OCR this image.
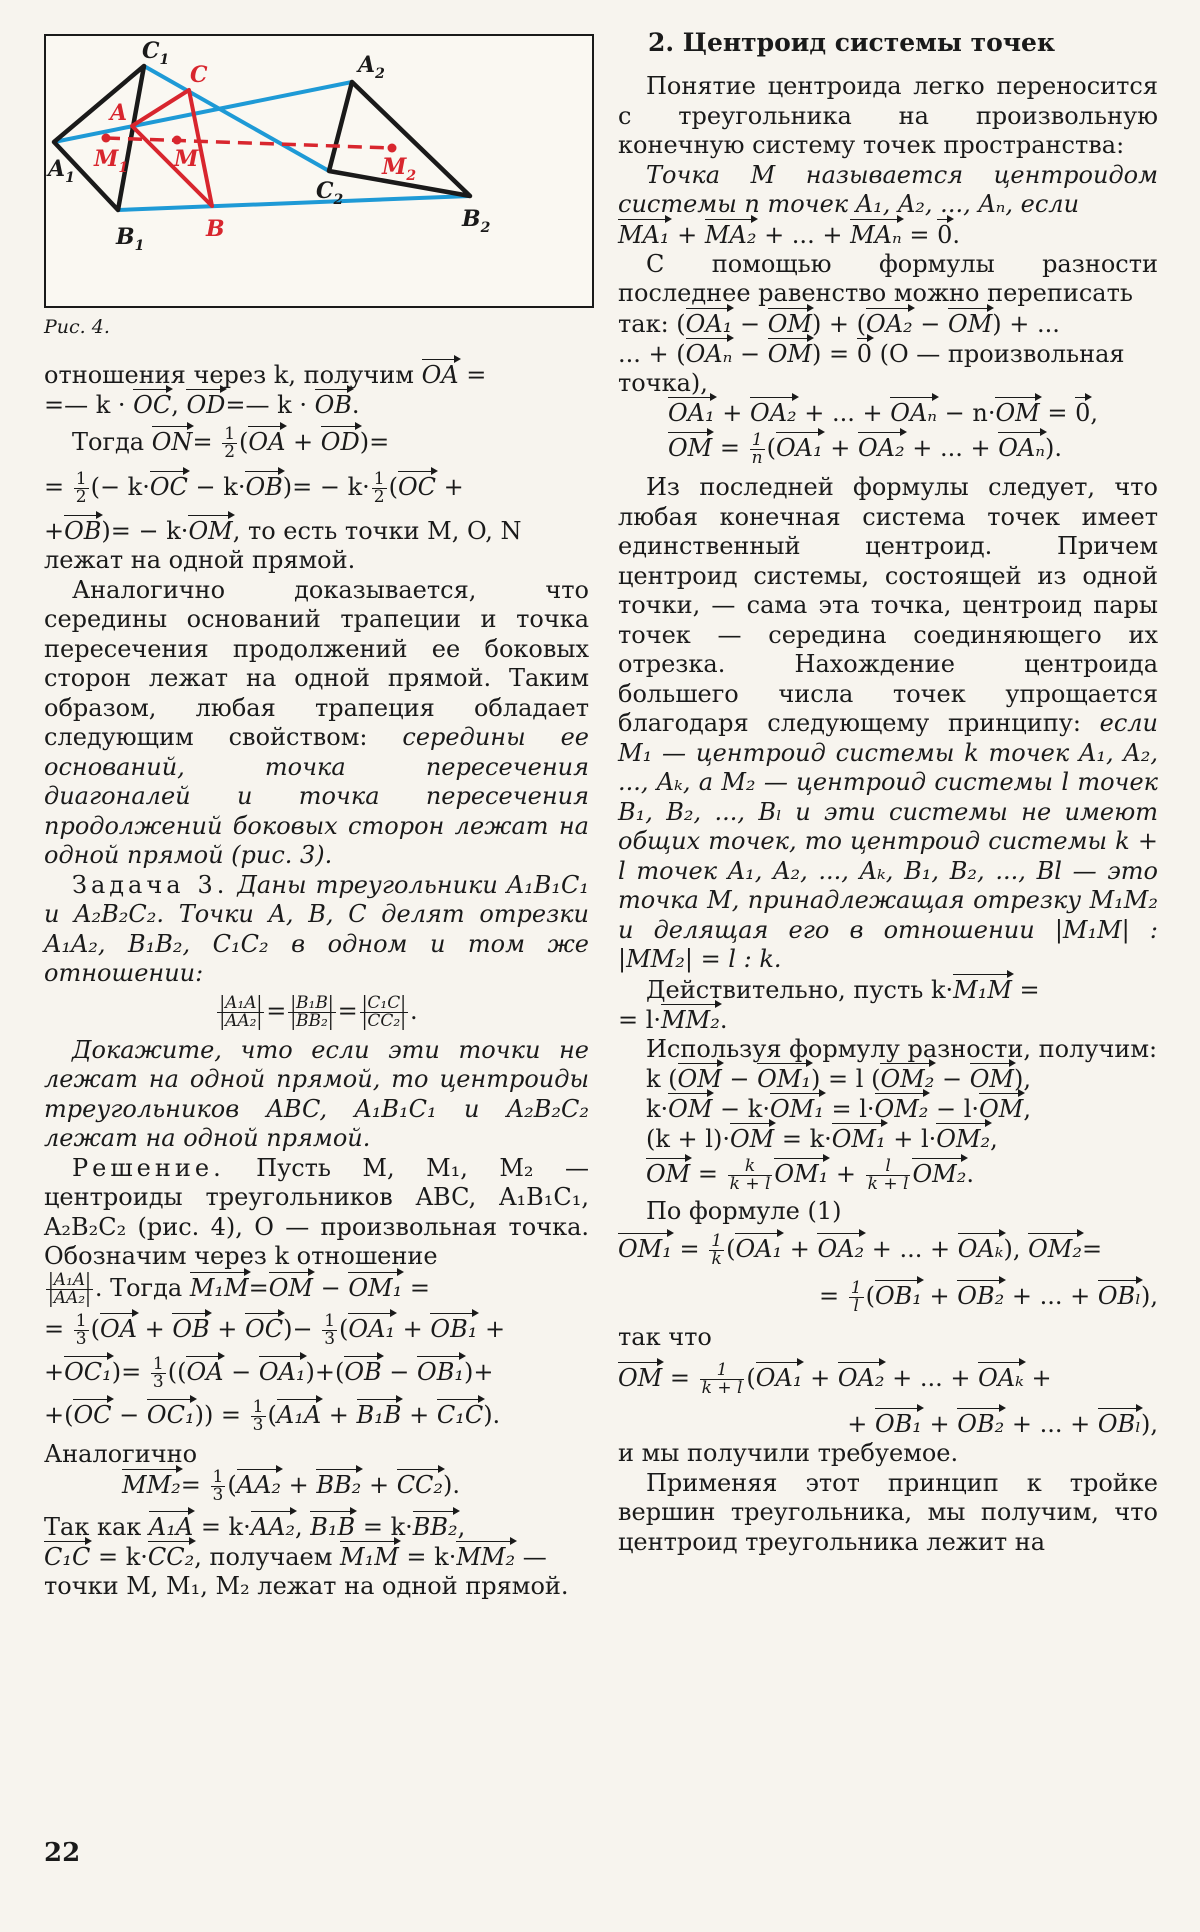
$C_1$
C	$A_2$
A
$M_1$ M	$M_2$
$A_1$	$C_2$
$B_1$
B	$B_2$
Рис. 4.

отношения через k, получим OA =

=— k · OC, OD=— k · OB.

Тогда $ON= \frac{1}{2} (OA + OD)=$

= $\frac{1}{2}$ (− $k\cdot OC - k\cdot OB)= - k\cdot \frac{1}{2} (OC$ +

+OB)= − k·OM, то есть точки M, O, N

лежат на одной прямой.

Аналогично доказывается, что середины оснований трапеции и точка пересечения продолжений ее боковых сторон лежат на одной прямой. Таким образом, любая трапеция обладает следующим свойством: середины ее оснований, точка пересечения диагоналей и точка пересечения продолжений боковых сторон лежат на одной прямой (рис. 3).

Задача 3. Даны треугольники A₁B₁C₁ и A₂B₂C₂. Точки A, B, C делят отрезки A₁A₂, B₁B₂, C₁C₂ в одном и том же отношении:

$\frac{\text{|A₁A|}}{\text{|AA₂|}} = \frac{\text{|B₁B|}}{\text{|BB₂|}} = \frac{\text{|C₁C|}}{\text{|CC₂|}}$ .

Докажите, что если эти точки не лежат на одной прямой, то центроиды треугольников ABC, A₁B₁C₁ и A₂B₂C₂ лежат на одной прямой.

Решение. Пусть M, M₁, M₂ — центроиды треугольников ABC, A₁B₁C₁, A₂B₂C₂ (рис. 4), O — произвольная точка. Обозначим через k отношение

$\frac{\text{|A₁A|}}{\text{|AA₂|}}$ . Тогда M₁M=OM − OM₁ =

= $\frac{1}{3} (OA$ + OB + $OC)- \frac{1}{3} (OA_1 + OB_1$ +

$+OC_1)= \frac{1}{3} ((OA - OA_1)+(OB - OB_1)+$

$+(OC - OC_1)) = \frac{1}{3} (A_1A + B_1B + C_1C)$.

Аналогично

$MM_2= \frac{1}{3} (AA_2 + BB_2 + CC_2)$.

Так как A₁A = k·AA₂, B₁B = k·BB₂,

C₁C = k·CC₂, получаем M₁M = k·MM₂ —

точки M, M₁, M₂ лежат на одной прямой.

2. Центроид системы точек

Понятие центроида легко переносится с треугольника на произвольную конечную систему точек пространства:

Точка M называется центроидом системы n точек A₁, A₂, ..., Aₙ, если

MA₁ + MA₂ + ... + MAₙ = 0.

С помощью формулы разности последнее равенство можно переписать

так: (OA₁ − OM) + (OA₂ − OM) + ...

... + (OAₙ − OM) = 0 (O — произвольная

точка),

OA₁ + OA₂ + ... + OAₙ − n·OM = 0,

OM = $\frac{1}{n} (OA_1 + OA_2$ + ... + OAₙ).

Из последней формулы следует, что любая конечная система точек имеет единственный центроид. Причем центроид системы, состоящей из одной точки, — сама эта точка, центроид пары точек — середина соединяющего их отрезка. Нахождение центроида большего числа точек упрощается благодаря следующему принципу: если M₁ — центроид системы k точек A₁, A₂, ..., Aₖ, а M₂ — центроид системы l точек B₁, B₂, ..., Bₗ и эти системы не имеют общих точек, то центроид системы k + l точек A₁, A₂, ..., Aₖ, B₁, B₂, ..., Bl — это точка M, принадлежащая отрезку M₁M₂ и делящая его в отношении |M₁M| : |MM₂| = l : k.

Действительно, пусть k·M₁M =

= l·MM₂.

Используя формулу разности, получим:

k (OM − OM₁) = l (OM₂ − OM),

k·OM − k·OM₁ = l·OM₂ − l·OM,

(k + l)·OM = k·OM₁ + l·OM₂,

OM = $\frac{k}{k + l} OM_1 + \frac{l}{k + l} OM_2$.

По формуле (1)

$OM_1 = \frac{1}{k} (OA_1 + OA_2$ + ... + OAₖ), OM₂=

= $\frac{1}{l} (OB_1 + OB_2$ + ... + OBₗ),

так что

OM = $\frac{1}{k + l} (OA_1 + OA_2$ + ... + OAₖ +

+ OB₁ + OB₂ + ... + OBₗ),

и мы получили требуемое.

Применяя этот принцип к тройке вершин треугольника, мы получим, что центроид треугольника лежит на

22
